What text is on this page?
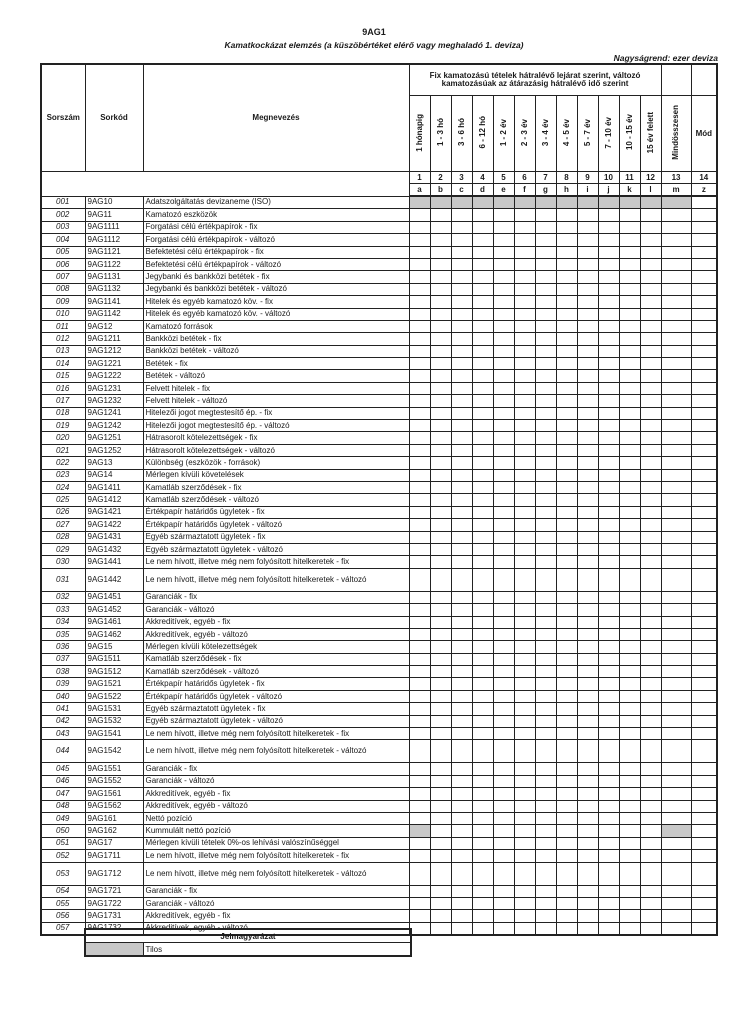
9AG1
Kamatkockázat elemzés (a küszöbértéket elérő vagy meghaladó 1. deviza)
Nagyságrend: ezer deviza
Sorszám	Sorkód	Megnevezés	Fix kamatozású tételek hátralévő lejárat szerint, változó
kamatozásúak az átárazásig hátralévő idő szerint													
			1 hónapig	1 - 3 hó	3 - 6 hó	6 - 12 hó	1 - 2 év	2 - 3 év	3 - 4 év	4 - 5 év	5 - 7 év	7 - 10 év	10 - 15 év	15 év felett	Mindösszesen	Mód
			1	2	3	4	5	6	7	8	9	10	11	12	13	14
			a	b	c	d	e	f	g	h	i	j	k	l	m	z
001	9AG10	Adatszolgáltatás devizaneme (ISO)														
002	9AG11	Kamatozó eszközök														
003	9AG1111	Forgatási célú értékpapírok - fix														
004	9AG1112	Forgatási célú értékpapírok - változó														
005	9AG1121	Befektetési célú értékpapírok - fix														
006	9AG1122	Befektetési célú értékpapírok - változó														
007	9AG1131	Jegybanki és bankközi betétek - fix														
008	9AG1132	Jegybanki és bankközi betétek - változó														
009	9AG1141	Hitelek és egyéb kamatozó köv. - fix														
010	9AG1142	Hitelek és egyéb kamatozó köv. - változó														
011	9AG12	Kamatozó források														
012	9AG1211	Bankközi betétek - fix														
013	9AG1212	Bankközi betétek - változó														
014	9AG1221	Betétek - fix														
015	9AG1222	Betétek - változó														
016	9AG1231	Felvett hitelek - fix														
017	9AG1232	Felvett hitelek - változó														
018	9AG1241	Hitelezői jogot megtestesítő ép. - fix														
019	9AG1242	Hitelezői jogot megtestesítő ép. - változó														
020	9AG1251	Hátrasorolt kötelezettségek - fix														
021	9AG1252	Hátrasorolt kötelezettségek - változó														
022	9AG13	Különbség (eszközök - források)														
023	9AG14	Mérlegen kívüli követelések														
024	9AG1411	Kamatláb szerződések - fix														
025	9AG1412	Kamatláb szerződések - változó														
026	9AG1421	Értékpapír határidős ügyletek - fix														
027	9AG1422	Értékpapír határidős ügyletek - változó														
028	9AG1431	Egyéb származtatott ügyletek - fix														
029	9AG1432	Egyéb származtatott ügyletek - változó														
030	9AG1441	Le nem hívott, illetve még nem folyósított hitelkeretek - fix														
031	9AG1442	Le nem hívott, illetve még nem folyósított hitelkeretek - változó														
032	9AG1451	Garanciák - fix														
033	9AG1452	Garanciák - változó														
034	9AG1461	Akkreditívek, egyéb - fix														
035	9AG1462	Akkreditívek, egyéb - változó														
036	9AG15	Mérlegen kívüli kötelezettségek														
037	9AG1511	Kamatláb szerződések - fix														
038	9AG1512	Kamatláb szerződések - változó														
039	9AG1521	Értékpapír határidős ügyletek - fix														
040	9AG1522	Értékpapír határidős ügyletek - változó														
041	9AG1531	Egyéb származtatott ügyletek - fix														
042	9AG1532	Egyéb származtatott ügyletek - változó														
043	9AG1541	Le nem hívott, illetve még nem folyósított hitelkeretek - fix														
044	9AG1542	Le nem hívott, illetve még nem folyósított hitelkeretek - változó														
045	9AG1551	Garanciák - fix														
046	9AG1552	Garanciák - változó														
047	9AG1561	Akkreditívek, egyéb - fix														
048	9AG1562	Akkreditívek, egyéb - változó														
049	9AG161	Nettó pozíció														
050	9AG162	Kummulált nettó pozíció														
051	9AG17	Mérlegen kívüli tételek 0%-os lehívási valószínűséggel														
052	9AG1711	Le nem hívott, illetve még nem folyósított hitelkeretek - fix														
053	9AG1712	Le nem hívott, illetve még nem folyósított hitelkeretek - változó														
054	9AG1721	Garanciák - fix														
055	9AG1722	Garanciák - változó														
056	9AG1731	Akkreditívek, egyéb - fix														
057	9AG1732	Akkreditívek, egyéb - változó														
Jelmagyarázat
	Tilos
